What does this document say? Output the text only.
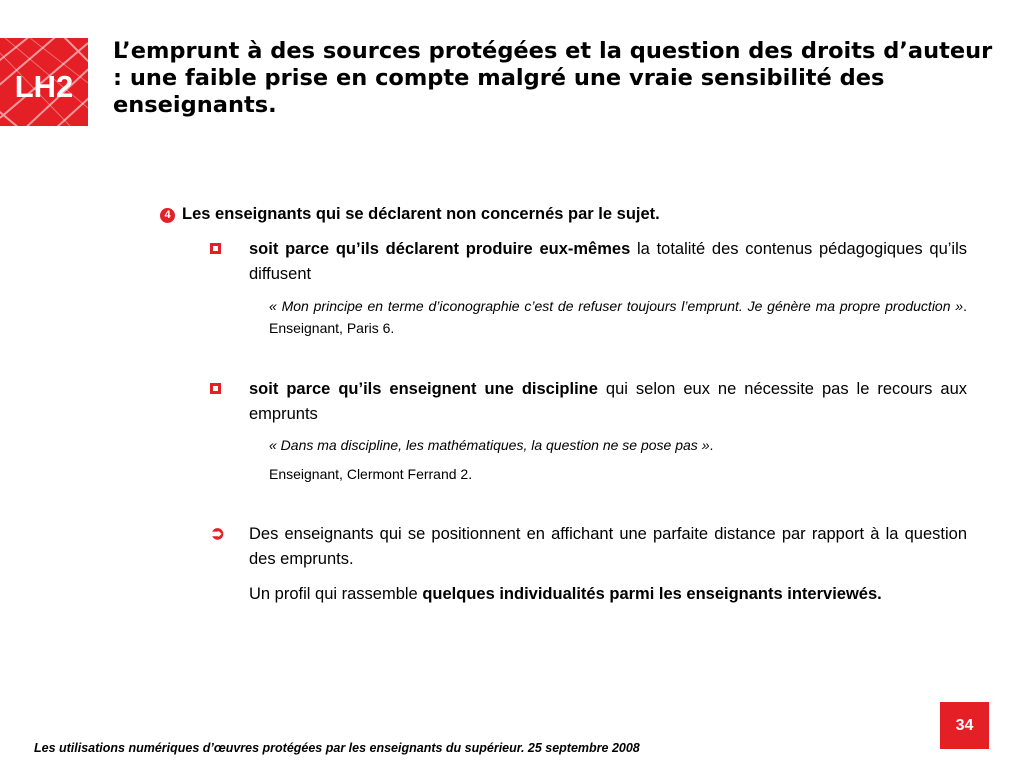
LH2
L’emprunt à des sources protégées et la question des droits d’auteur : une faible prise en compte malgré une vraie sensibilité des enseignants.
4 Les enseignants qui se déclarent non concernés par le sujet.
soit parce qu’ils déclarent produire eux-mêmes la totalité des contenus pédagogiques qu’ils diffusent
« Mon principe en terme d’iconographie c’est de refuser toujours l’emprunt. Je génère ma propre production ». Enseignant, Paris 6.
soit parce qu’ils enseignent une discipline qui selon eux ne nécessite pas le recours aux emprunts
« Dans ma discipline, les mathématiques, la question ne se pose pas ».
Enseignant, Clermont Ferrand 2.
➲ Des enseignants qui se positionnent en affichant une parfaite distance par rapport à la question des emprunts.
Un profil qui rassemble quelques individualités parmi les enseignants interviewés.
34
Les utilisations numériques d’œuvres protégées par les enseignants du supérieur. 25 septembre 2008
